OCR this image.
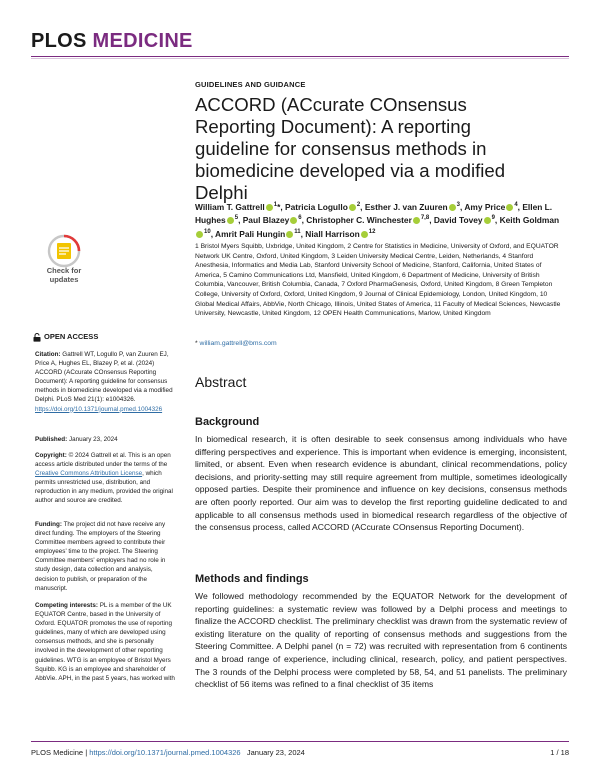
PLOS MEDICINE
Check for
updates
OPEN ACCESS
Citation: Gattrell WT, Logullo P, van Zuuren EJ, Price A, Hughes EL, Blazey P, et al. (2024) ACCORD (ACcurate COnsensus Reporting Document): A reporting guideline for consensus methods in biomedicine developed via a modified Delphi. PLoS Med 21(1): e1004326. https://doi.org/10.1371/journal.pmed.1004326
Published: January 23, 2024
Copyright: © 2024 Gattrell et al. This is an open access article distributed under the terms of the Creative Commons Attribution License, which permits unrestricted use, distribution, and reproduction in any medium, provided the original author and source are credited.
Funding: The project did not have receive any direct funding. The employers of the Steering Committee members agreed to contribute their employees' time to the project. The Steering Committee members' employers had no role in study design, data collection and analysis, decision to publish, or preparation of the manuscript.
Competing interests: PL is a member of the UK EQUATOR Centre, based in the University of Oxford. EQUATOR promotes the use of reporting guidelines, many of which are developed using consensus methods, and she is personally involved in the development of other reporting guidelines. WTG is an employee of Bristol Myers Squibb. KG is an employee and shareholder of AbbVie. APH, in the past 5 years, has worked with
GUIDELINES AND GUIDANCE
ACCORD (ACcurate COnsensus Reporting Document): A reporting guideline for consensus methods in biomedicine developed via a modified Delphi
William T. Gattrell $^1$*, Patricia Logullo $^2$, Esther J. van Zuuren $^3$, Amy Price $^4$, Ellen L. Hughes $^5$, Paul Blazey $^6$, Christopher C. Winchester $^{7,8}$, David Tovey $^9$, Keith Goldman$^{10}$, Amrit Pali Hungin $^{11}$, Niall Harrison $^{12}$
1 Bristol Myers Squibb, Uxbridge, United Kingdom, 2 Centre for Statistics in Medicine, University of Oxford, and EQUATOR Network UK Centre, Oxford, United Kingdom, 3 Leiden University Medical Centre, Leiden, Netherlands, 4 Stanford Anesthesia, Informatics and Media Lab, Stanford University School of Medicine, Stanford, California, United States of America, 5 Camino Communications Ltd, Mansfield, United Kingdom, 6 Department of Medicine, University of British Columbia, Vancouver, British Columbia, Canada, 7 Oxford PharmaGenesis, Oxford, United Kingdom, 8 Green Templeton College, University of Oxford, Oxford, United Kingdom, 9 Journal of Clinical Epidemiology, London, United Kingdom, 10 Global Medical Affairs, AbbVie, North Chicago, Illinois, United States of America, 11 Faculty of Medical Sciences, Newcastle University, Newcastle, United Kingdom, 12 OPEN Health Communications, Marlow, United Kingdom
* william.gattrell@bms.com
Abstract
Background
In biomedical research, it is often desirable to seek consensus among individuals who have differing perspectives and experience. This is important when evidence is emerging, inconsistent, limited, or absent. Even when research evidence is abundant, clinical recommendations, policy decisions, and priority-setting may still require agreement from multiple, sometimes ideologically opposed parties. Despite their prominence and influence on key decisions, consensus methods are often poorly reported. Our aim was to develop the first reporting guideline dedicated to and applicable to all consensus methods used in biomedical research regardless of the objective of the consensus process, called ACCORD (ACcurate COnsensus Reporting Document).
Methods and findings
We followed methodology recommended by the EQUATOR Network for the development of reporting guidelines: a systematic review was followed by a Delphi process and meetings to finalize the ACCORD checklist. The preliminary checklist was drawn from the systematic review of existing literature on the quality of reporting of consensus methods and suggestions from the Steering Committee. A Delphi panel (n = 72) was recruited with representation from 6 continents and a broad range of experience, including clinical, research, policy, and patient perspectives. The 3 rounds of the Delphi process were completed by 58, 54, and 51 panelists. The preliminary checklist of 56 items was refined to a final checklist of 35 items
PLOS Medicine | https://doi.org/10.1371/journal.pmed.1004326 January 23, 2024	1 / 18
